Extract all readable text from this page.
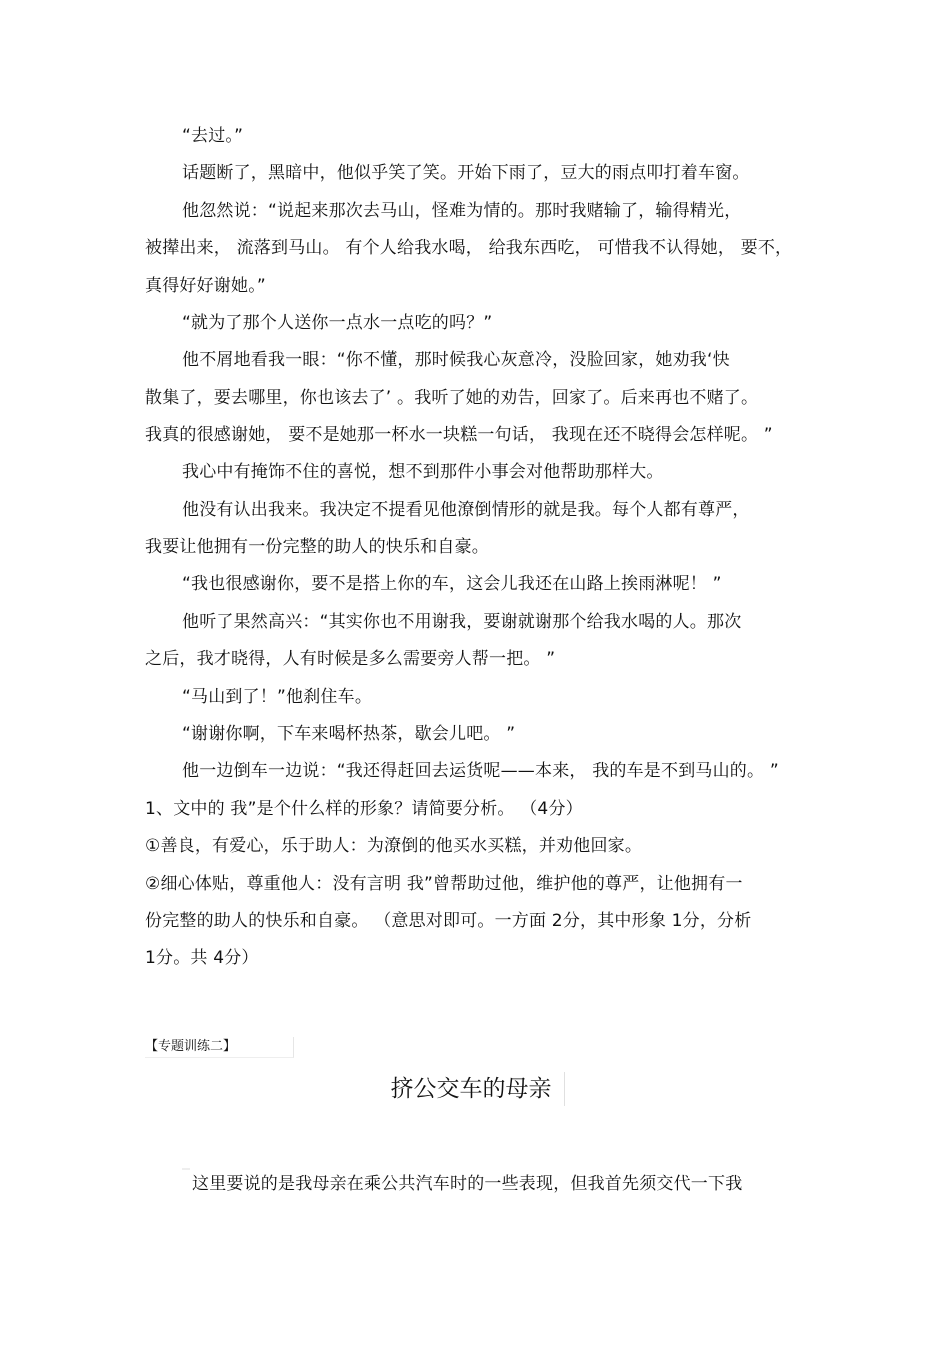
“去过。”
话题断了，黑暗中，他似乎笑了笑。开始下雨了，豆大的雨点叩打着车窗。
他忽然说：“说起来那次去马山，怪难为情的。那时我赌输了，输得精光，
被撵出来， 流落到马山。 有个人给我水喝， 给我东西吃， 可惜我不认得她， 要不，
真得好好谢她。”
“就为了那个人送你一点水一点吃的吗？”
他不屑地看我一眼：“你不懂，那时候我心灰意冷，没脸回家，她劝我‘快
散集了，要去哪里，你也该去了’ 。我听了她的劝告，回家了。后来再也不赌了。
我真的很感谢她， 要不是她那一杯水一块糕一句话， 我现在还不晓得会怎样呢。 ”
我心中有掩饰不住的喜悦，想不到那件小事会对他帮助那样大。
他没有认出我来。我决定不提看见他潦倒情形的就是我。每个人都有尊严，
我要让他拥有一份完整的助人的快乐和自豪。
“我也很感谢你，要不是搭上你的车，这会儿我还在山路上挨雨淋呢！ ”
他听了果然高兴：“其实你也不用谢我，要谢就谢那个给我水喝的人。那次
之后，我才晓得，人有时候是多么需要旁人帮一把。 ”
“马山到了！”他刹住车。
“谢谢你啊，下车来喝杯热茶，歇会儿吧。 ”
他一边倒车一边说：“我还得赶回去运货呢——本来， 我的车是不到马山的。 ”
1、文中的 我”是个什么样的形象？请简要分析。 （4分）
①善良，有爱心，乐于助人：为潦倒的他买水买糕，并劝他回家。
②细心体贴，尊重他人：没有言明 我”曾帮助过他，维护他的尊严，让他拥有一
份完整的助人的快乐和自豪。 （意思对即可。一方面 2分，其中形象 1分，分析
1分。共 4分）
【专题训练二】
挤公交车的母亲
这里要说的是我母亲在乘公共汽车时的一些表现，但我首先须交代一下我
